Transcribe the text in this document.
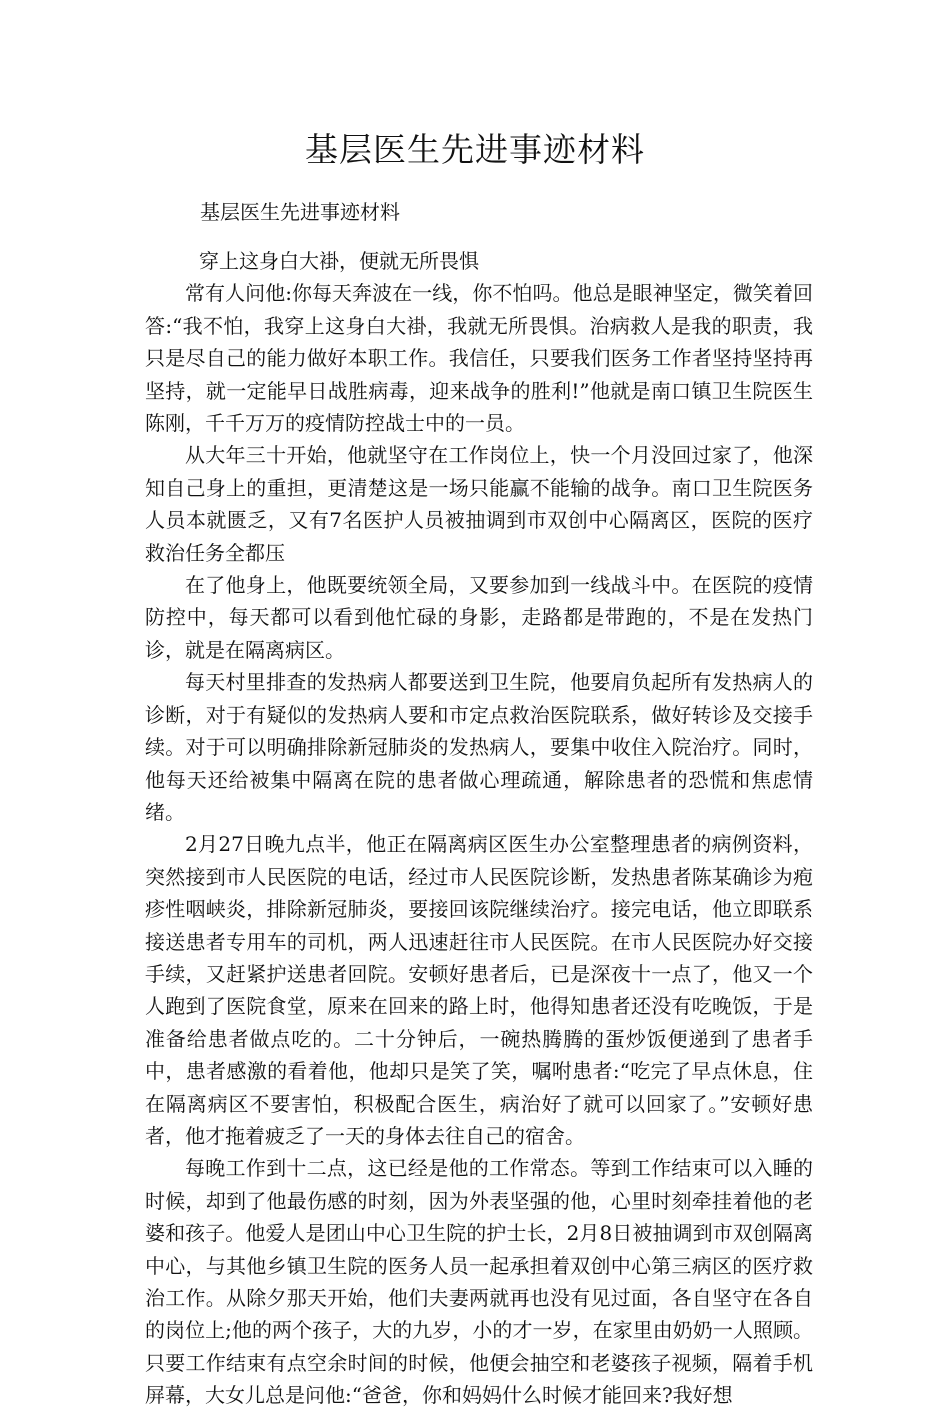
基层医生先进事迹材料
基层医生先进事迹材料

穿上这身白大褂，便就无所畏惧

常有人问他:你每天奔波在一线，你不怕吗。他总是眼神坚定，微笑着回答:“我不怕，我穿上这身白大褂，我就无所畏惧。治病救人是我的职责，我只是尽自己的能力做好本职工作。我信任，只要我们医务工作者坚持坚持再坚持，就一定能早日战胜病毒，迎来战争的胜利!”他就是南口镇卫生院医生陈刚，千千万万的疫情防控战士中的一员。

从大年三十开始，他就坚守在工作岗位上，快一个月没回过家了，他深知自己身上的重担，更清楚这是一场只能赢不能输的战争。南口卫生院医务人员本就匮乏，又有7名医护人员被抽调到市双创中心隔离区，医院的医疗救治任务全都压

在了他身上，他既要统领全局，又要参加到一线战斗中。在医院的疫情防控中，每天都可以看到他忙碌的身影，走路都是带跑的，不是在发热门诊，就是在隔离病区。

每天村里排查的发热病人都要送到卫生院，他要肩负起所有发热病人的诊断，对于有疑似的发热病人要和市定点救治医院联系，做好转诊及交接手续。对于可以明确排除新冠肺炎的发热病人，要集中收住入院治疗。同时，他每天还给被集中隔离在院的患者做心理疏通，解除患者的恐慌和焦虑情绪。

2月27日晚九点半，他正在隔离病区医生办公室整理患者的病例资料，突然接到市人民医院的电话，经过市人民医院诊断，发热患者陈某确诊为疱疹性咽峡炎，排除新冠肺炎，要接回该院继续治疗。接完电话，他立即联系接送患者专用车的司机，两人迅速赶往市人民医院。在市人民医院办好交接手续，又赶紧护送患者回院。安顿好患者后，已是深夜十一点了，他又一个人跑到了医院食堂，原来在回来的路上时，他得知患者还没有吃晚饭，于是准备给患者做点吃的。二十分钟后，一碗热腾腾的蛋炒饭便递到了患者手中，患者感激的看着他，他却只是笑了笑，嘱咐患者:“吃完了早点休息，住在隔离病区不要害怕，积极配合医生，病治好了就可以回家了。”安顿好患者，他才拖着疲乏了一天的身体去往自己的宿舍。

每晚工作到十二点，这已经是他的工作常态。等到工作结束可以入睡的时候，却到了他最伤感的时刻，因为外表坚强的他，心里时刻牵挂着他的老婆和孩子。他爱人是团山中心卫生院的护士长，2月8日被抽调到市双创隔离中心，与其他乡镇卫生院的医务人员一起承担着双创中心第三病区的医疗救治工作。从除夕那天开始，他们夫妻两就再也没有见过面，各自坚守在各自的岗位上;他的两个孩子，大的九岁，小的才一岁，在家里由奶奶一人照顾。只要工作结束有点空余时间的时候，他便会抽空和老婆孩子视频，隔着手机屏幕，大女儿总是问他:“爸爸，你和妈妈什么时候才能回来?我好想
